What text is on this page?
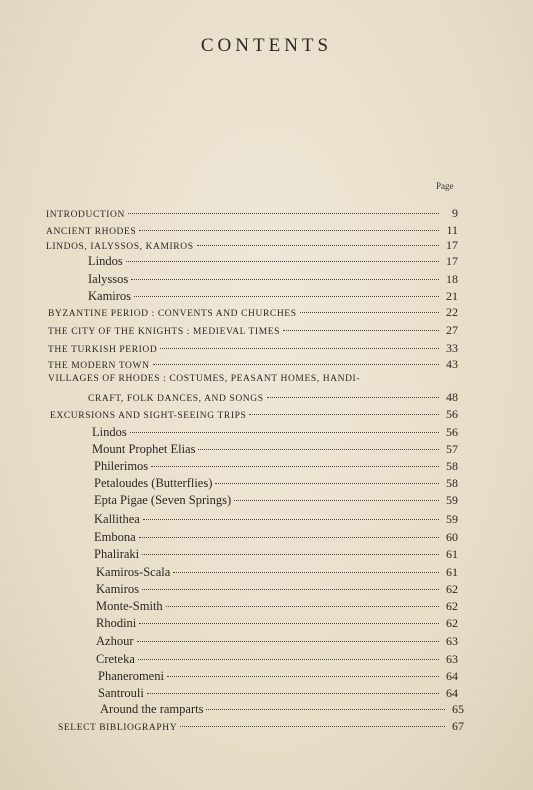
CONTENTS
Page
INTRODUCTION	9
ANCIENT RHODES	11
LINDOS, IALYSSOS, KAMIROS	17
Lindos	17
Ialyssos	18
Kamiros	21
BYZANTINE PERIOD : CONVENTS AND CHURCHES	22
THE CITY OF THE KNIGHTS : MEDIEVAL TIMES	27
THE TURKISH PERIOD	33
THE MODERN TOWN	43
VILLAGES OF RHODES : COSTUMES, PEASANT HOMES, HANDI-
CRAFT, FOLK DANCES, AND SONGS	48
EXCURSIONS AND SIGHT-SEEING TRIPS	56
Lindos	56
Mount Prophet Elias	57
Philerimos	58
Petaloudes (Butterflies)	58
Epta Pigae (Seven Springs)	59
Kallithea	59
Embona	60
Phaliraki	61
Kamiros-Scala	61
Kamiros	62
Monte-Smith	62
Rhodini	62
Azhour	63
Creteka	63
Phaneromeni	64
Santrouli	64
Around the ramparts	65
SELECT BIBLIOGRAPHY	67
